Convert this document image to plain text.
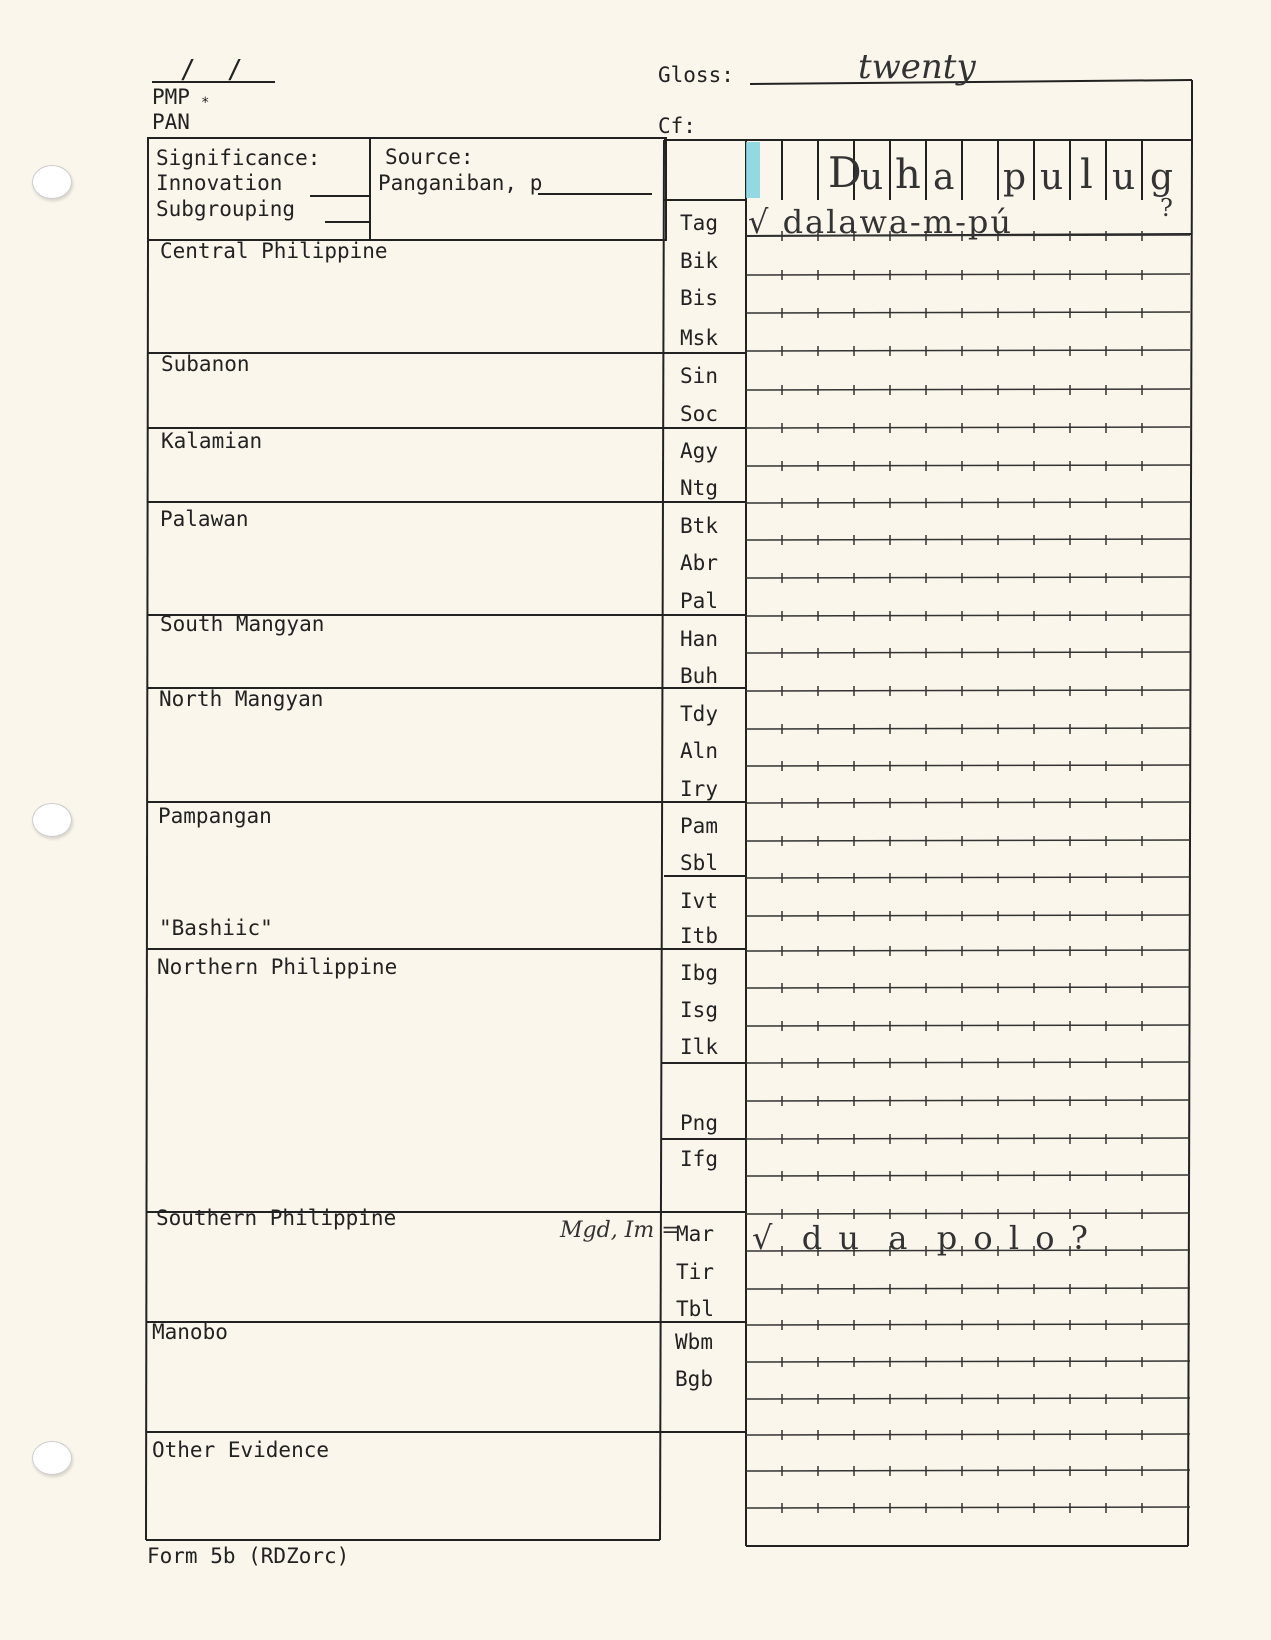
/  /
PMP *
PAN
Gloss:	twenty
Cf:
Significance:
Innovation
Subgrouping
Source:
Panganiban, p	D
u h a p u l u g
?
Central Philippine
Subanon
Kalamian
Palawan
South Mangyan
North Mangyan
Pampangan
"Bashiic"
Northern Philippine
Southern Philippine
Manobo
Other Evidence
Tag
Bik
Bis
Msk
Sin
Soc
Agy
Ntg
Btk
Abr
Pal
Han
Buh
Tdy
Aln
Iry
Pam
Sbl
Ivt
Itb
Ibg
Isg
Ilk
Png
Ifg
Mar
Tir
Tbl
Wbm
Bgb
√ dalawa-m-pú
Mgd, Im = √  d u  a  p o l o ?
Form 5b (RDZorc)
